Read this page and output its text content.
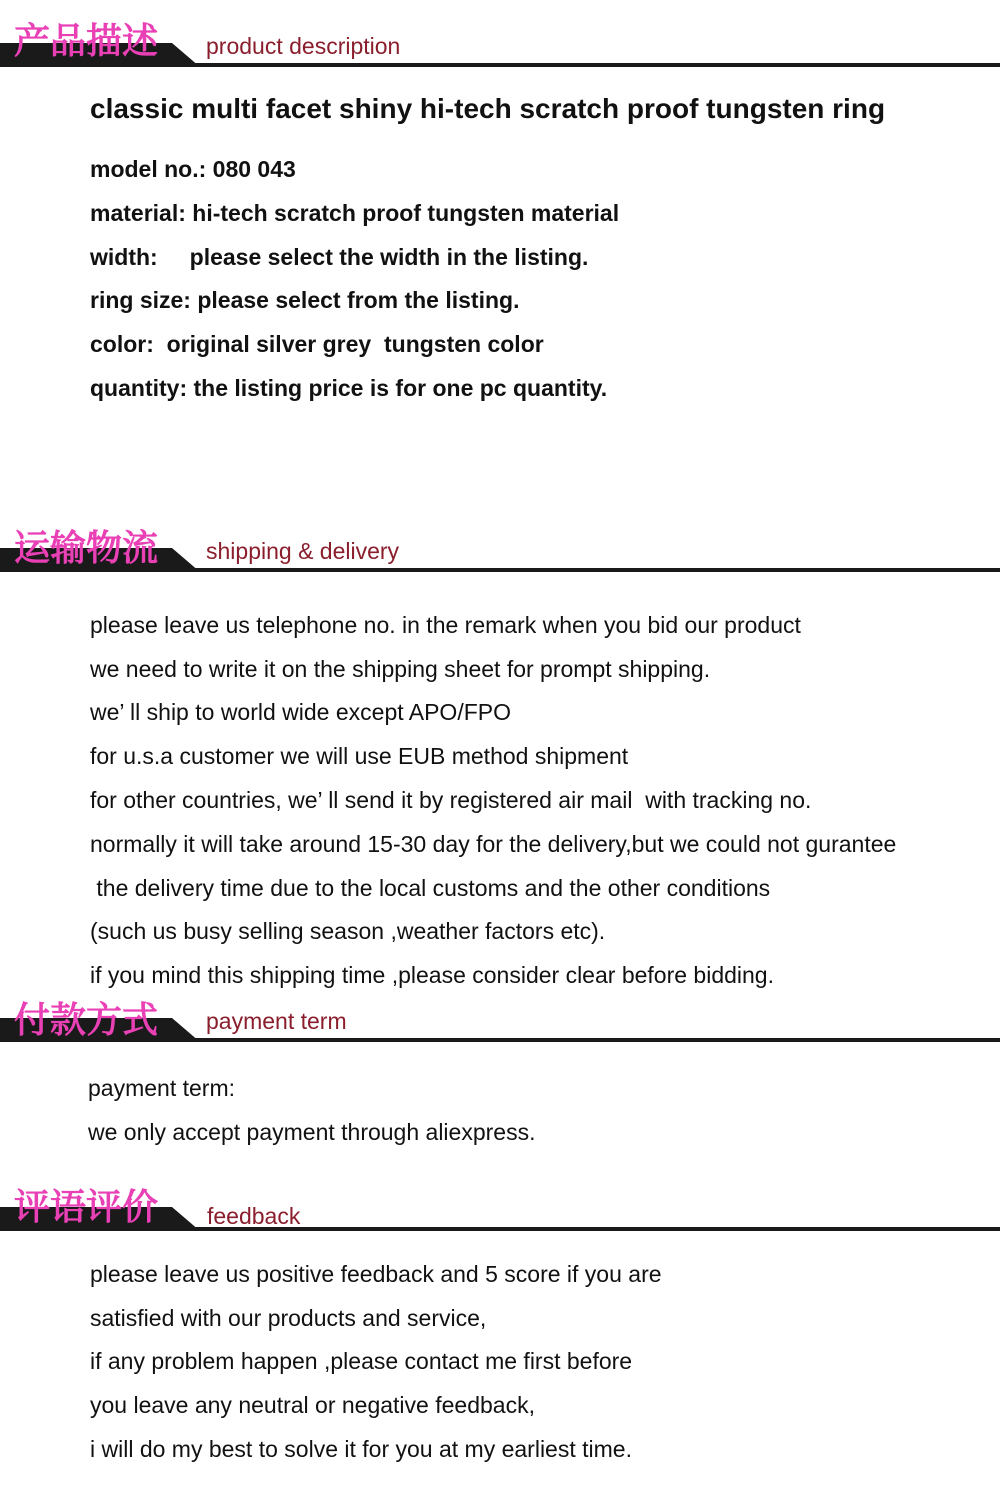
产品描述 product description
classic multi facet shiny hi-tech scratch proof tungsten ring
model no.: 080 043
material: hi-tech scratch proof tungsten material
width:     please select the width in the listing.
ring size: please select from the listing.
color:  original silver grey  tungsten color
quantity: the listing price is for one pc quantity.
运输物流 shipping & delivery
please leave us telephone no. in the remark when you bid our product
we need to write it on the shipping sheet for prompt shipping.
we’ ll ship to world wide except APO/FPO
for u.s.a customer we will use EUB method shipment
for other countries, we’ ll send it by registered air mail  with tracking no.
normally it will take around 15-30 day for the delivery,but we could not gurantee
the delivery time due to the local customs and the other conditions
(such us busy selling season ,weather factors etc).
if you mind this shipping time ,please consider clear before bidding.
付款方式 payment term
payment term:
we only accept payment through aliexpress.
评语评价 feedback
please leave us positive feedback and 5 score if you are
satisfied with our products and service,
if any problem happen ,please contact me first before
you leave any neutral or negative feedback,
i will do my best to solve it for you at my earliest time.
